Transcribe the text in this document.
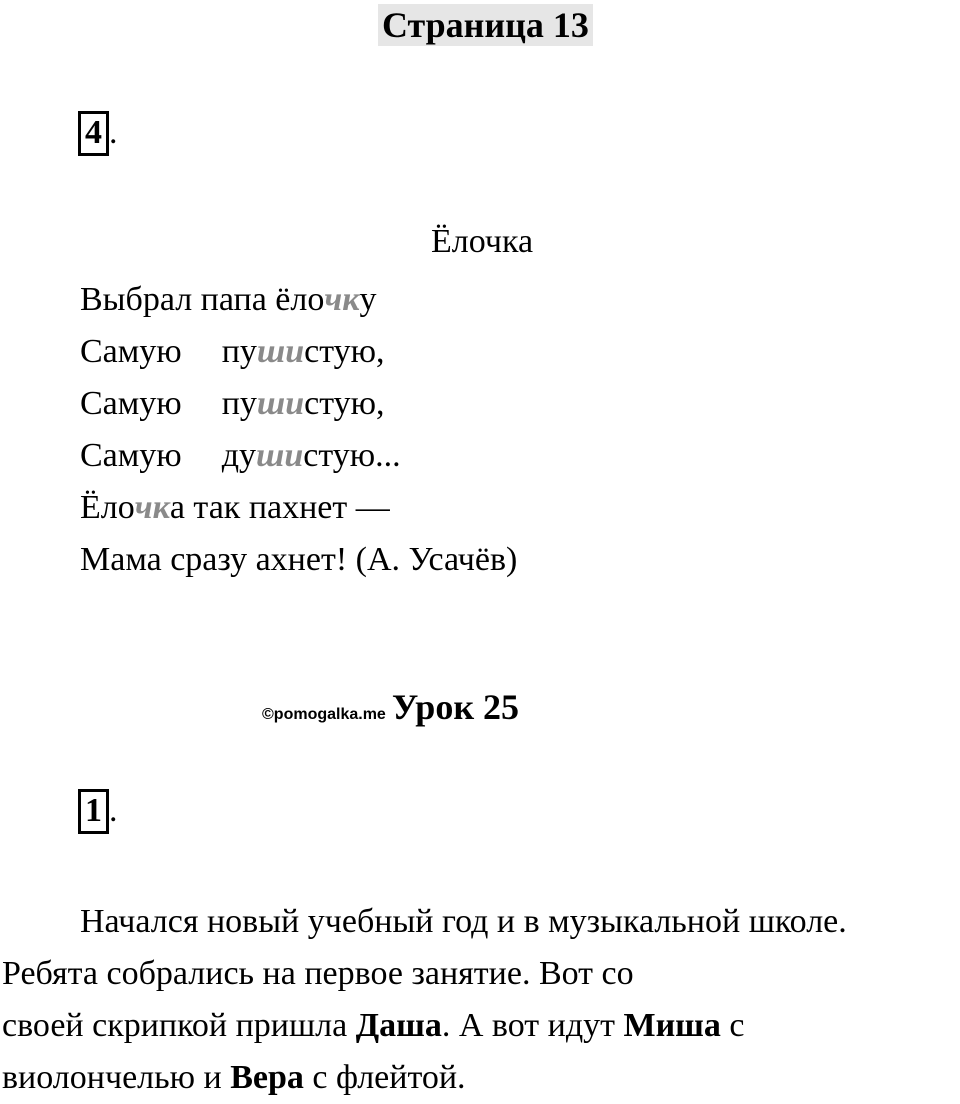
Страница 13
4 .
Ёлочка
Выбрал папа ёлочку
Самую пушистую,
Самую пушистую,
Самую душистую...
Ёлочка так пахнет —
Мама сразу ахнет! (А. Усачёв)
©pomogalka.me Урок 25
1 .
Начался новый учебный год и в музыкальной школе.
Ребята собрались на первое занятие. Вот со
своей скрипкой пришла Даша. А вот идут Миша с
виолончелью и Вера с флейтой.
